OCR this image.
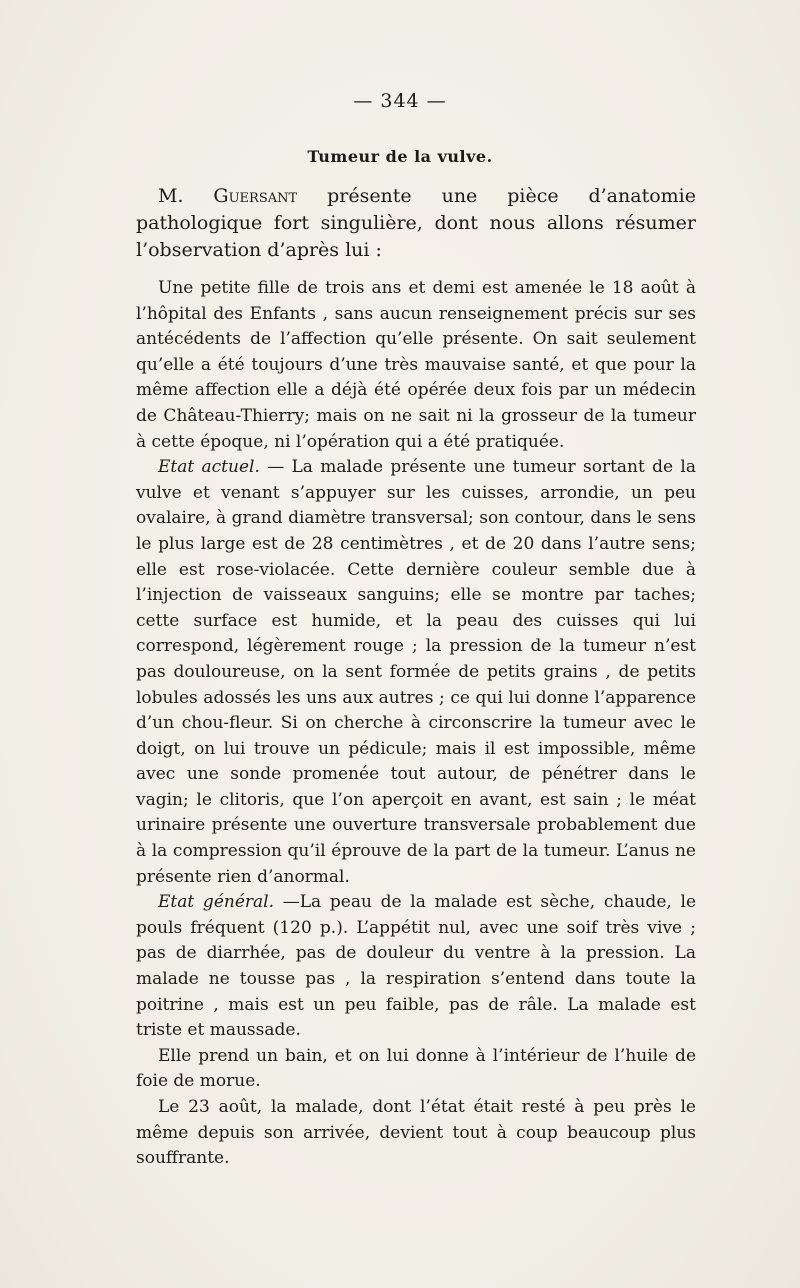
— 344 —
Tumeur de la vulve.

M. Guersant présente une pièce d’anatomie pathologique fort singulière, dont nous allons résumer l’observation d’après lui :

Une petite fille de trois ans et demi est amenée le 18 août à l’hôpital des Enfants , sans aucun renseignement précis sur ses antécédents de l’affection qu’elle présente. On sait seulement qu’elle a été toujours d’une très mauvaise santé, et que pour la même affection elle a déjà été opérée deux fois par un médecin de Château-Thierry; mais on ne sait ni la grosseur de la tumeur à cette époque, ni l’opération qui a été pratiquée.

Etat actuel. — La malade présente une tumeur sortant de la vulve et venant s’appuyer sur les cuisses, arrondie, un peu ovalaire, à grand diamètre transversal; son contour, dans le sens le plus large est de 28 centimètres , et de 20 dans l’autre sens; elle est rose-violacée. Cette dernière couleur semble due à l’injection de vaisseaux sanguins; elle se montre par taches; cette surface est humide, et la peau des cuisses qui lui correspond, légèrement rouge ; la pression de la tumeur n’est pas douloureuse, on la sent formée de petits grains , de petits lobules adossés les uns aux autres ; ce qui lui donne l’apparence d’un chou-fleur. Si on cherche à circonscrire la tumeur avec le doigt, on lui trouve un pédicule; mais il est impossible, même avec une sonde promenée tout autour, de pénétrer dans le vagin; le clitoris, que l’on aperçoit en avant, est sain ; le méat urinaire présente une ouverture transversale probablement due à la compression qu’il éprouve de la part de la tumeur. L’anus ne présente rien d’anormal.

Etat général. —La peau de la malade est sèche, chaude, le pouls fréquent (120 p.). L’appétit nul, avec une soif très vive ; pas de diarrhée, pas de douleur du ventre à la pression. La malade ne tousse pas , la respiration s’entend dans toute la poitrine , mais est un peu faible, pas de râle. La malade est triste et maussade.

Elle prend un bain, et on lui donne à l’intérieur de l’huile de foie de morue.

Le 23 août, la malade, dont l’état était resté à peu près le même depuis son arrivée, devient tout à coup beaucoup plus souffrante.
